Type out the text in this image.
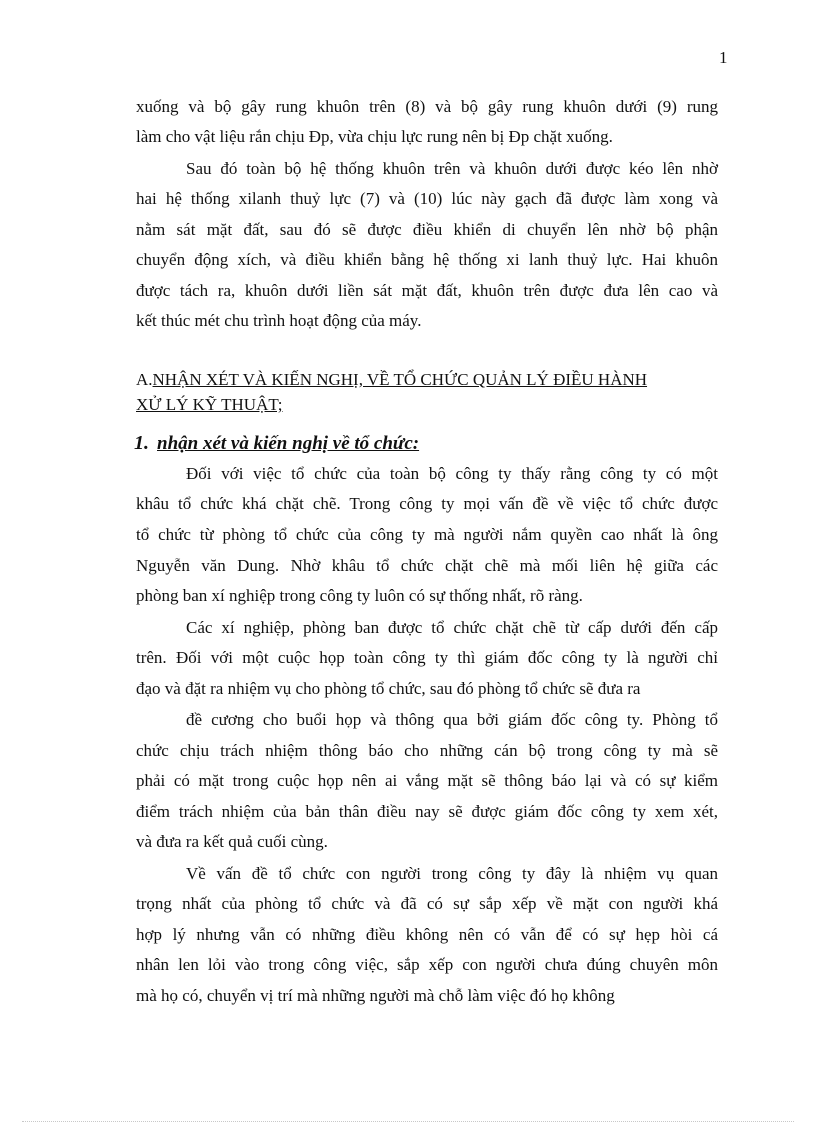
1
xuống và bộ gây rung khuôn trên (8) và bộ gây rung khuôn dưới (9) rung
làm cho vật liệu rắn chịu Đp, vừa chịu lực rung nên bị Đp chặt xuống.
Sau đó toàn bộ hệ thống khuôn trên và khuôn dưới được kéo lên nhờ
hai hệ thống xilanh thuỷ lực (7) và (10) lúc này gạch đã được làm xong và
nằm sát mặt đất, sau đó sẽ được điều khiển di chuyển lên nhờ bộ phận
chuyển động xích, và điều khiển bằng hệ thống xi lanh thuỷ lực. Hai khuôn
được tách ra, khuôn dưới liền sát mặt đất, khuôn trên được đưa lên cao và
kết thúc mét chu trình hoạt động của máy.
A.NHẬN XÉT VÀ KIẾN NGHỊ, VỀ TỔ CHỨC QUẢN LÝ ĐIỀU HÀNH
XỬ LÝ KỸ THUẬT;
1. nhận xét và kiến nghị về tổ chức:
Đối với việc tổ chức của toàn bộ công ty thấy rằng công ty có một
khâu tổ chức khá chặt chẽ. Trong công ty mọi vấn đề về việc tổ chức được
tổ chức từ phòng tổ chức của công ty mà người nắm quyền cao nhất là ông
Nguyễn văn Dung. Nhờ khâu tổ chức chặt chẽ mà mối liên hệ giữa các
phòng ban xí nghiệp trong công ty luôn có sự thống nhất, rõ ràng.
Các xí nghiệp, phòng ban được tổ chức chặt chẽ từ cấp dưới đến cấp
trên. Đối với một cuộc họp toàn công ty thì giám đốc công ty là người chỉ
đạo và đặt ra nhiệm vụ cho phòng tổ chức, sau đó phòng tổ chức sẽ đưa ra
đề cương cho buổi họp và thông qua bởi giám đốc công ty. Phòng tổ
chức chịu trách nhiệm thông báo cho những cán bộ trong công ty mà sẽ
phải có mặt trong cuộc họp nên ai vắng mặt sẽ thông báo lại và có sự kiểm
điểm trách nhiệm của bản thân điều nay sẽ được giám đốc công ty xem xét,
và đưa ra kết quả cuối cùng.
Về vấn đề tổ chức con người trong công ty đây là nhiệm vụ quan
trọng nhất của phòng tổ chức và đã có sự sắp xếp về mặt con người khá
hợp lý nhưng vẫn có những điều không nên có vẫn để có sự hẹp hòi cá
nhân len lỏi vào trong công việc, sắp xếp con người chưa đúng chuyên môn
mà họ có, chuyển vị trí mà những người mà chỗ làm việc đó họ không
